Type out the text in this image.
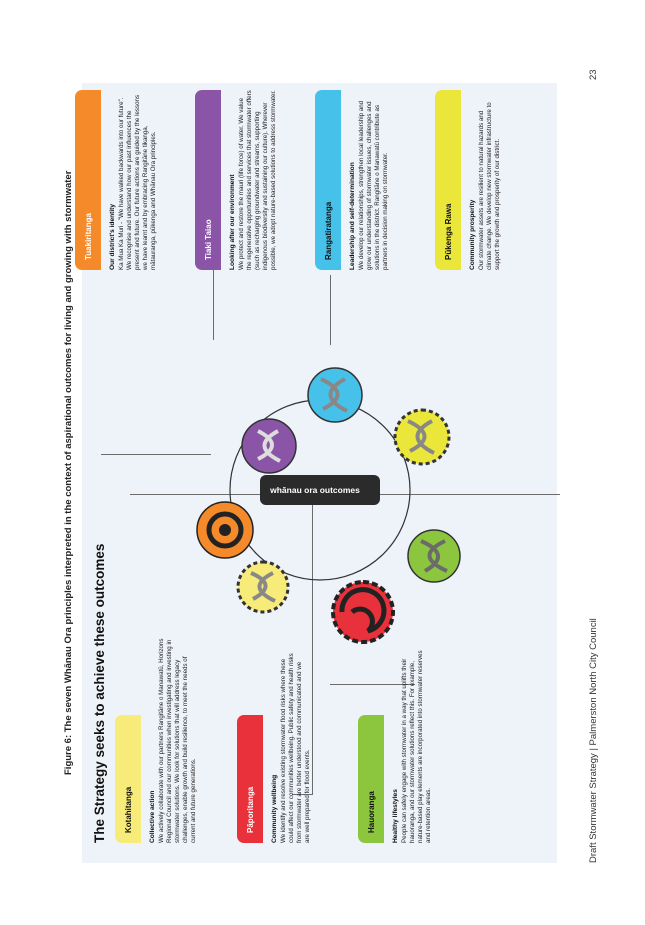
Figure 6: The seven Whānau Ora principles interpreted in the context of aspirational outcomes for living and growing with stormwater The Strategy seeks to achieve these outcomes
whānau ora outcomes
Kotahitanga	Collective action We actively collaborate with our partners Rangitāne o Manawatū, Horizons Regional Council and our communities when investigating and investing in stormwater solutions. We look for solutions that will address legacy challenges, enable growth and build resilience, to meet the needs of current and future generations.	Pāporitanga	Community wellbeing We identify and resolve existing stormwater flood risks where these could affect our communities wellbeing. Public safety and health risks from stormwater are better understood and communicated and we are well prepared for flood events.	Hauoranga	Healthy lifestyles People can safely engage with stormwater in a way that uplifts their hauoranga, and our stormwater solutions reflect this. For example, nature-based play elements are incorporated into stormwater reserves and retention areas.
Tuakiritanga	Our district's identity Ka Mua Ka Muri - "We have walked backwards into our future". We recognise and understand how our past influences the present and future. Our future actions are guided by the lessons we have learnt and by embracing Rangitāne tikanga, mātauranga, pūkenga and Whānau Ora principles.	Tiaki Taiao	Looking after our environment We protect and restore the mauri (life force) of water. We value the regenerative opportunities and services that stormwater offers (such as recharging groundwater and streams, supporting indigenous biodiversity and sustaining our culture). Wherever possible, we adopt nature-based solutions to address stormwater.	Rangatiratanga	Leadership and self-determination We develop our relationships, strengthen local leadership and grow our understanding of stormwater issues, challenges and solutions in the district. Rangitāne o Manawatū contribute as partners in decision making on stormwater.	Pūkenga Rawa	Community prosperity Our stormwater assets are resilient to natural hazards and climate change. We develop new stormwater infrastructure to support the growth and prosperity of our district.
Draft Stormwater Strategy | Palmerston North City Council
23
